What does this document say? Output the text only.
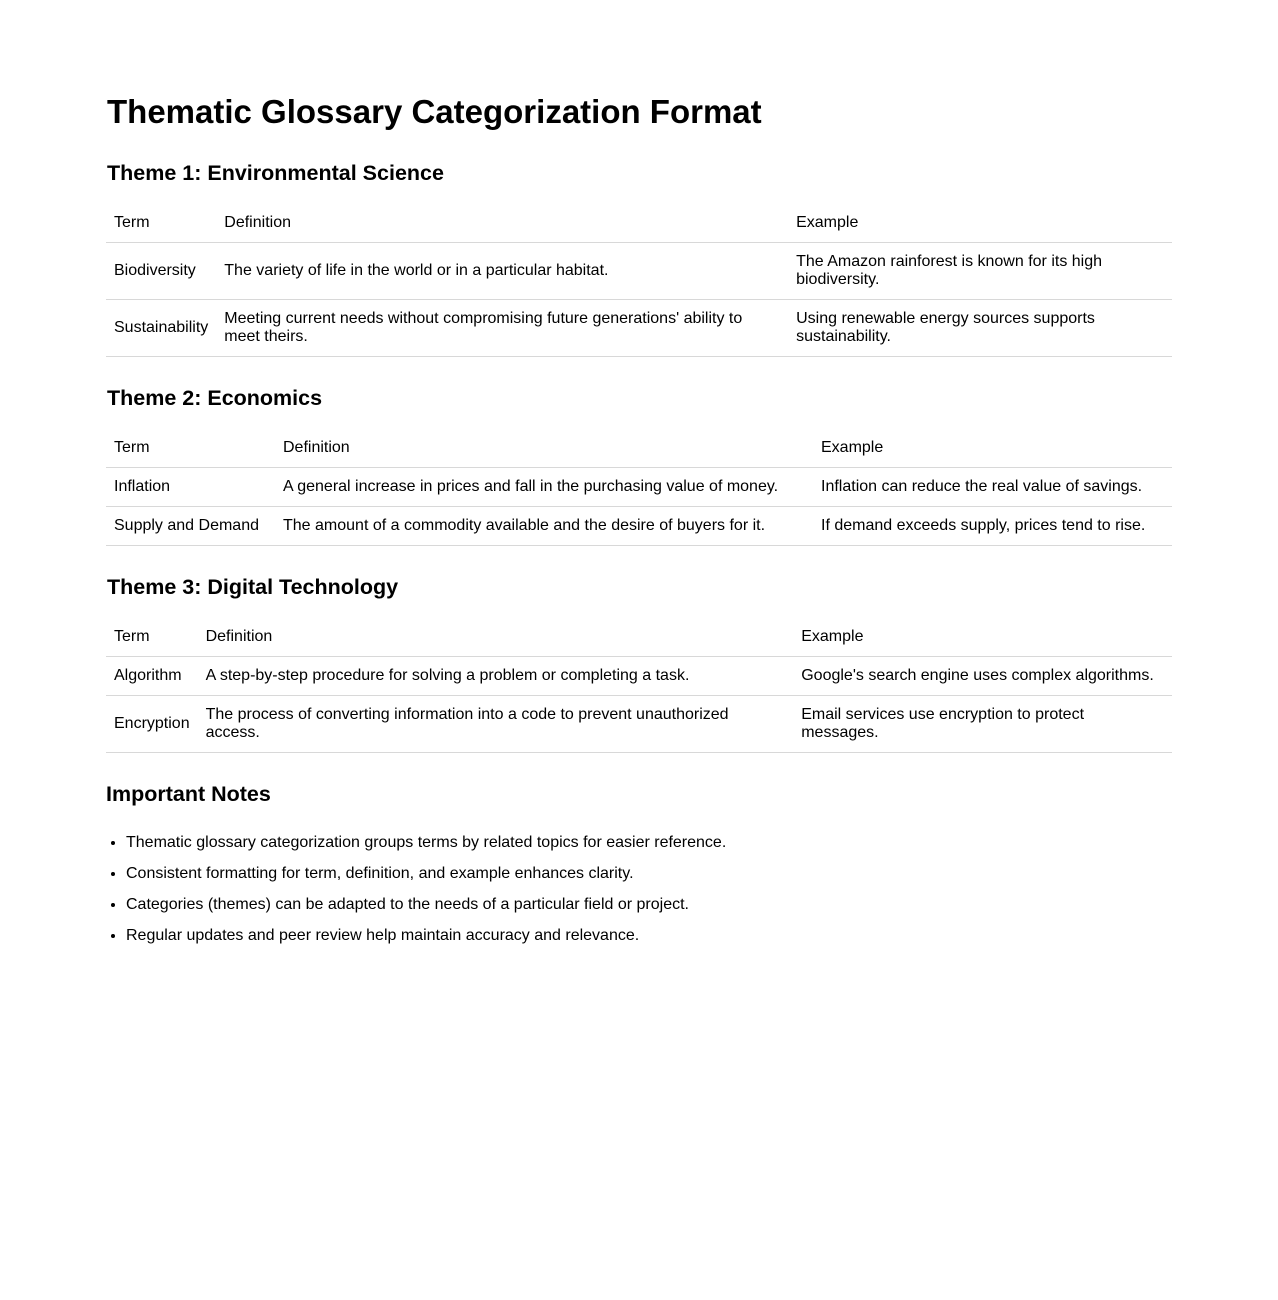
Thematic Glossary Categorization Format
Theme 1: Environmental Science
Term	Definition	Example
Biodiversity	The variety of life in the world or in a particular habitat.	The Amazon rainforest is known for its high biodiversity.
Sustainability	Meeting current needs without compromising future generations' ability to meet theirs.	Using renewable energy sources supports sustainability.
Theme 2: Economics
Term	Definition	Example
Inflation	A general increase in prices and fall in the purchasing value of money.	Inflation can reduce the real value of savings.
Supply and Demand	The amount of a commodity available and the desire of buyers for it.	If demand exceeds supply, prices tend to rise.
Theme 3: Digital Technology
Term	Definition	Example
Algorithm	A step-by-step procedure for solving a problem or completing a task.	Google's search engine uses complex algorithms.
Encryption	The process of converting information into a code to prevent unauthorized access.	Email services use encryption to protect messages.
Important Notes
• Thematic glossary categorization groups terms by related topics for easier reference.
• Consistent formatting for term, definition, and example enhances clarity.
• Categories (themes) can be adapted to the needs of a particular field or project.
• Regular updates and peer review help maintain accuracy and relevance.
